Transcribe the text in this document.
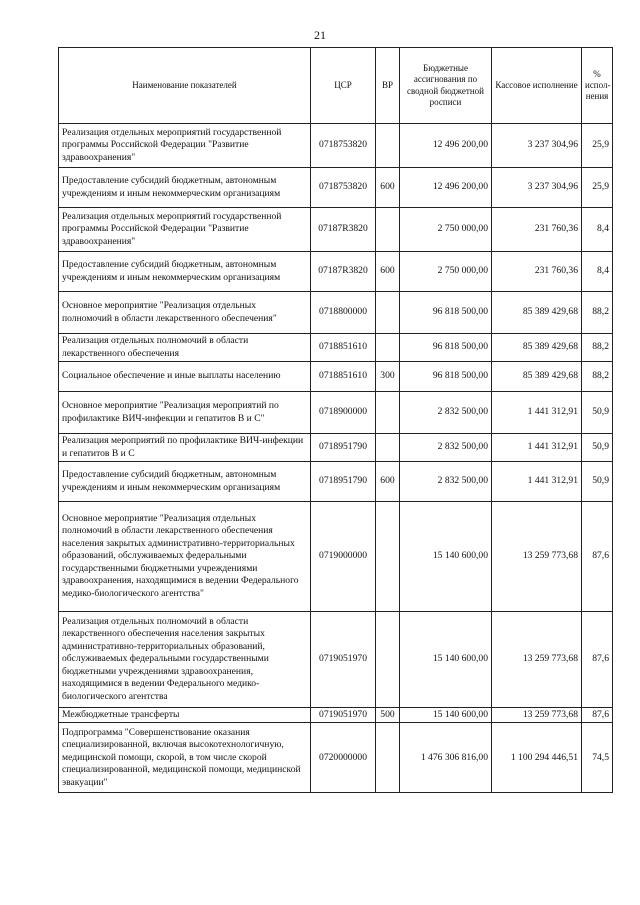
21
Наименование показателей	ЦСР	ВР	Бюджетные ассигнования по сводной бюджетной росписи	Кассовое исполнение	%
испол-
нения

Реализация отдельных мероприятий государственной программы Российской Федерации "Развитие здравоохранения"	0718753820		12 496 200,00	3 237 304,96	25,9
Предоставление субсидий бюджетным, автономным учреждениям и иным некоммерческим организациям	0718753820	600	12 496 200,00	3 237 304,96	25,9
Реализация отдельных мероприятий государственной программы Российской Федерации "Развитие здравоохранения"	07187R3820		2 750 000,00	231 760,36	8,4
Предоставление субсидий бюджетным, автономным учреждениям и иным некоммерческим организациям	07187R3820	600	2 750 000,00	231 760,36	8,4
Основное мероприятие "Реализация отдельных полномочий в области лекарственного обеспечения"	0718800000		96 818 500,00	85 389 429,68	88,2
Реализация отдельных полномочий в области лекарственного обеспечения	0718851610		96 818 500,00	85 389 429,68	88,2
Социальное обеспечение и иные выплаты населению	0718851610	300	96 818 500,00	85 389 429,68	88,2
Основное мероприятие "Реализация мероприятий по профилактике ВИЧ-инфекции и гепатитов B и C"	0718900000		2 832 500,00	1 441 312,91	50,9
Реализация мероприятий по профилактике ВИЧ-инфекции и гепатитов B и C	0718951790		2 832 500,00	1 441 312,91	50,9
Предоставление субсидий бюджетным, автономным учреждениям и иным некоммерческим организациям	0718951790	600	2 832 500,00	1 441 312,91	50,9
Основное мероприятие "Реализация отдельных полномочий в области лекарственного обеспечения населения закрытых административно-территориальных образований, обслуживаемых федеральными государственными бюджетными учреждениями здравоохранения, находящимися в ведении Федерального медико-биологического агентства"	0719000000		15 140 600,00	13 259 773,68	87,6
Реализация отдельных полномочий в области лекарственного обеспечения населения закрытых административно-территориальных образований, обслуживаемых федеральными государственными бюджетными учреждениями здравоохранения, находящимися в ведении Федерального медико-биологического агентства	0719051970		15 140 600,00	13 259 773,68	87,6
Межбюджетные трансферты	0719051970	500	15 140 600,00	13 259 773,68	87,6
Подпрограмма "Совершенствование оказания специализированной, включая высокотехнологичную, медицинской помощи, скорой, в том числе скорой специализированной, медицинской помощи, медицинской эвакуации"	0720000000		1 476 306 816,00	1 100 294 446,51	74,5
